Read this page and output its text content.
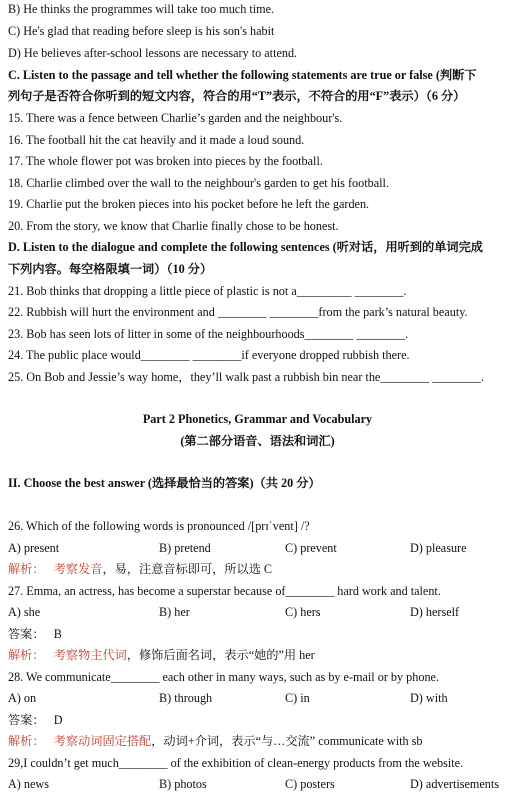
B) He thinks the programmes will take too much time.
C) He's glad that reading before sleep is his son's habit
D) He believes after-school lessons are necessary to attend.
C. Listen to the passage and tell whether the following statements are true or false (判断下
列句子是否符合你听到的短文内容，符合的用“T”表示，不符合的用“F”表示）（6 分）
15. There was a fence between Charlie’s garden and the neighbour's.
16. The football hit the cat heavily and it made a loud sound.
17. The whole flower pot was broken into pieces by the football.
18. Charlie climbed over the wall to the neighbour's garden to get his football.
19. Charlie put the broken pieces into his pocket before he left the garden.
20. From the story, we know that Charlie finally chose to be honest.
D. Listen to the dialogue and complete the following sentences (听对话，用听到的单词完成
下列内容。每空格限填一词）（10 分）
21. Bob thinks that dropping a little piece of plastic is not a_________ ________.
22. Rubbish will hurt the environment and ________ ________from the park’s natural beauty.
23. Bob has seen lots of litter in some of the neighbourhoods________ ________.
24. The public place would________ ________if everyone dropped rubbish there.
25. On Bob and Jessie’s way home，they’ll walk past a rubbish bin near the________ ________.
Part 2 Phonetics, Grammar and Vocabulary
(第二部分语音、语法和词汇)
II. Choose the best answer (选择最恰当的答案)（共 20 分）
26. Which of the following words is pronounced /[prɪˈvent] /?
A) present	B) pretend	C) prevent	D) pleasure
解析： 考察发音，易，注意音标即可，所以选 C
27. Emma, an actress, has become a superstar because of________ hard work and talent.
A) she	B) her	C) hers	D) herself
答案： B
解析： 考察物主代词，修饰后面名词，表示“她的”用 her
28. We communicate________ each other in many ways, such as by e-mail or by phone.
A) on	B) through	C) in	D) with
答案： D
解析： 考察动词固定搭配，动词+介词，表示“与…交流” communicate with sb
29,I couldn’t get much________ of the exhibition of clean-energy products from the website.
A) news	B) photos	C) posters	D) advertisements
